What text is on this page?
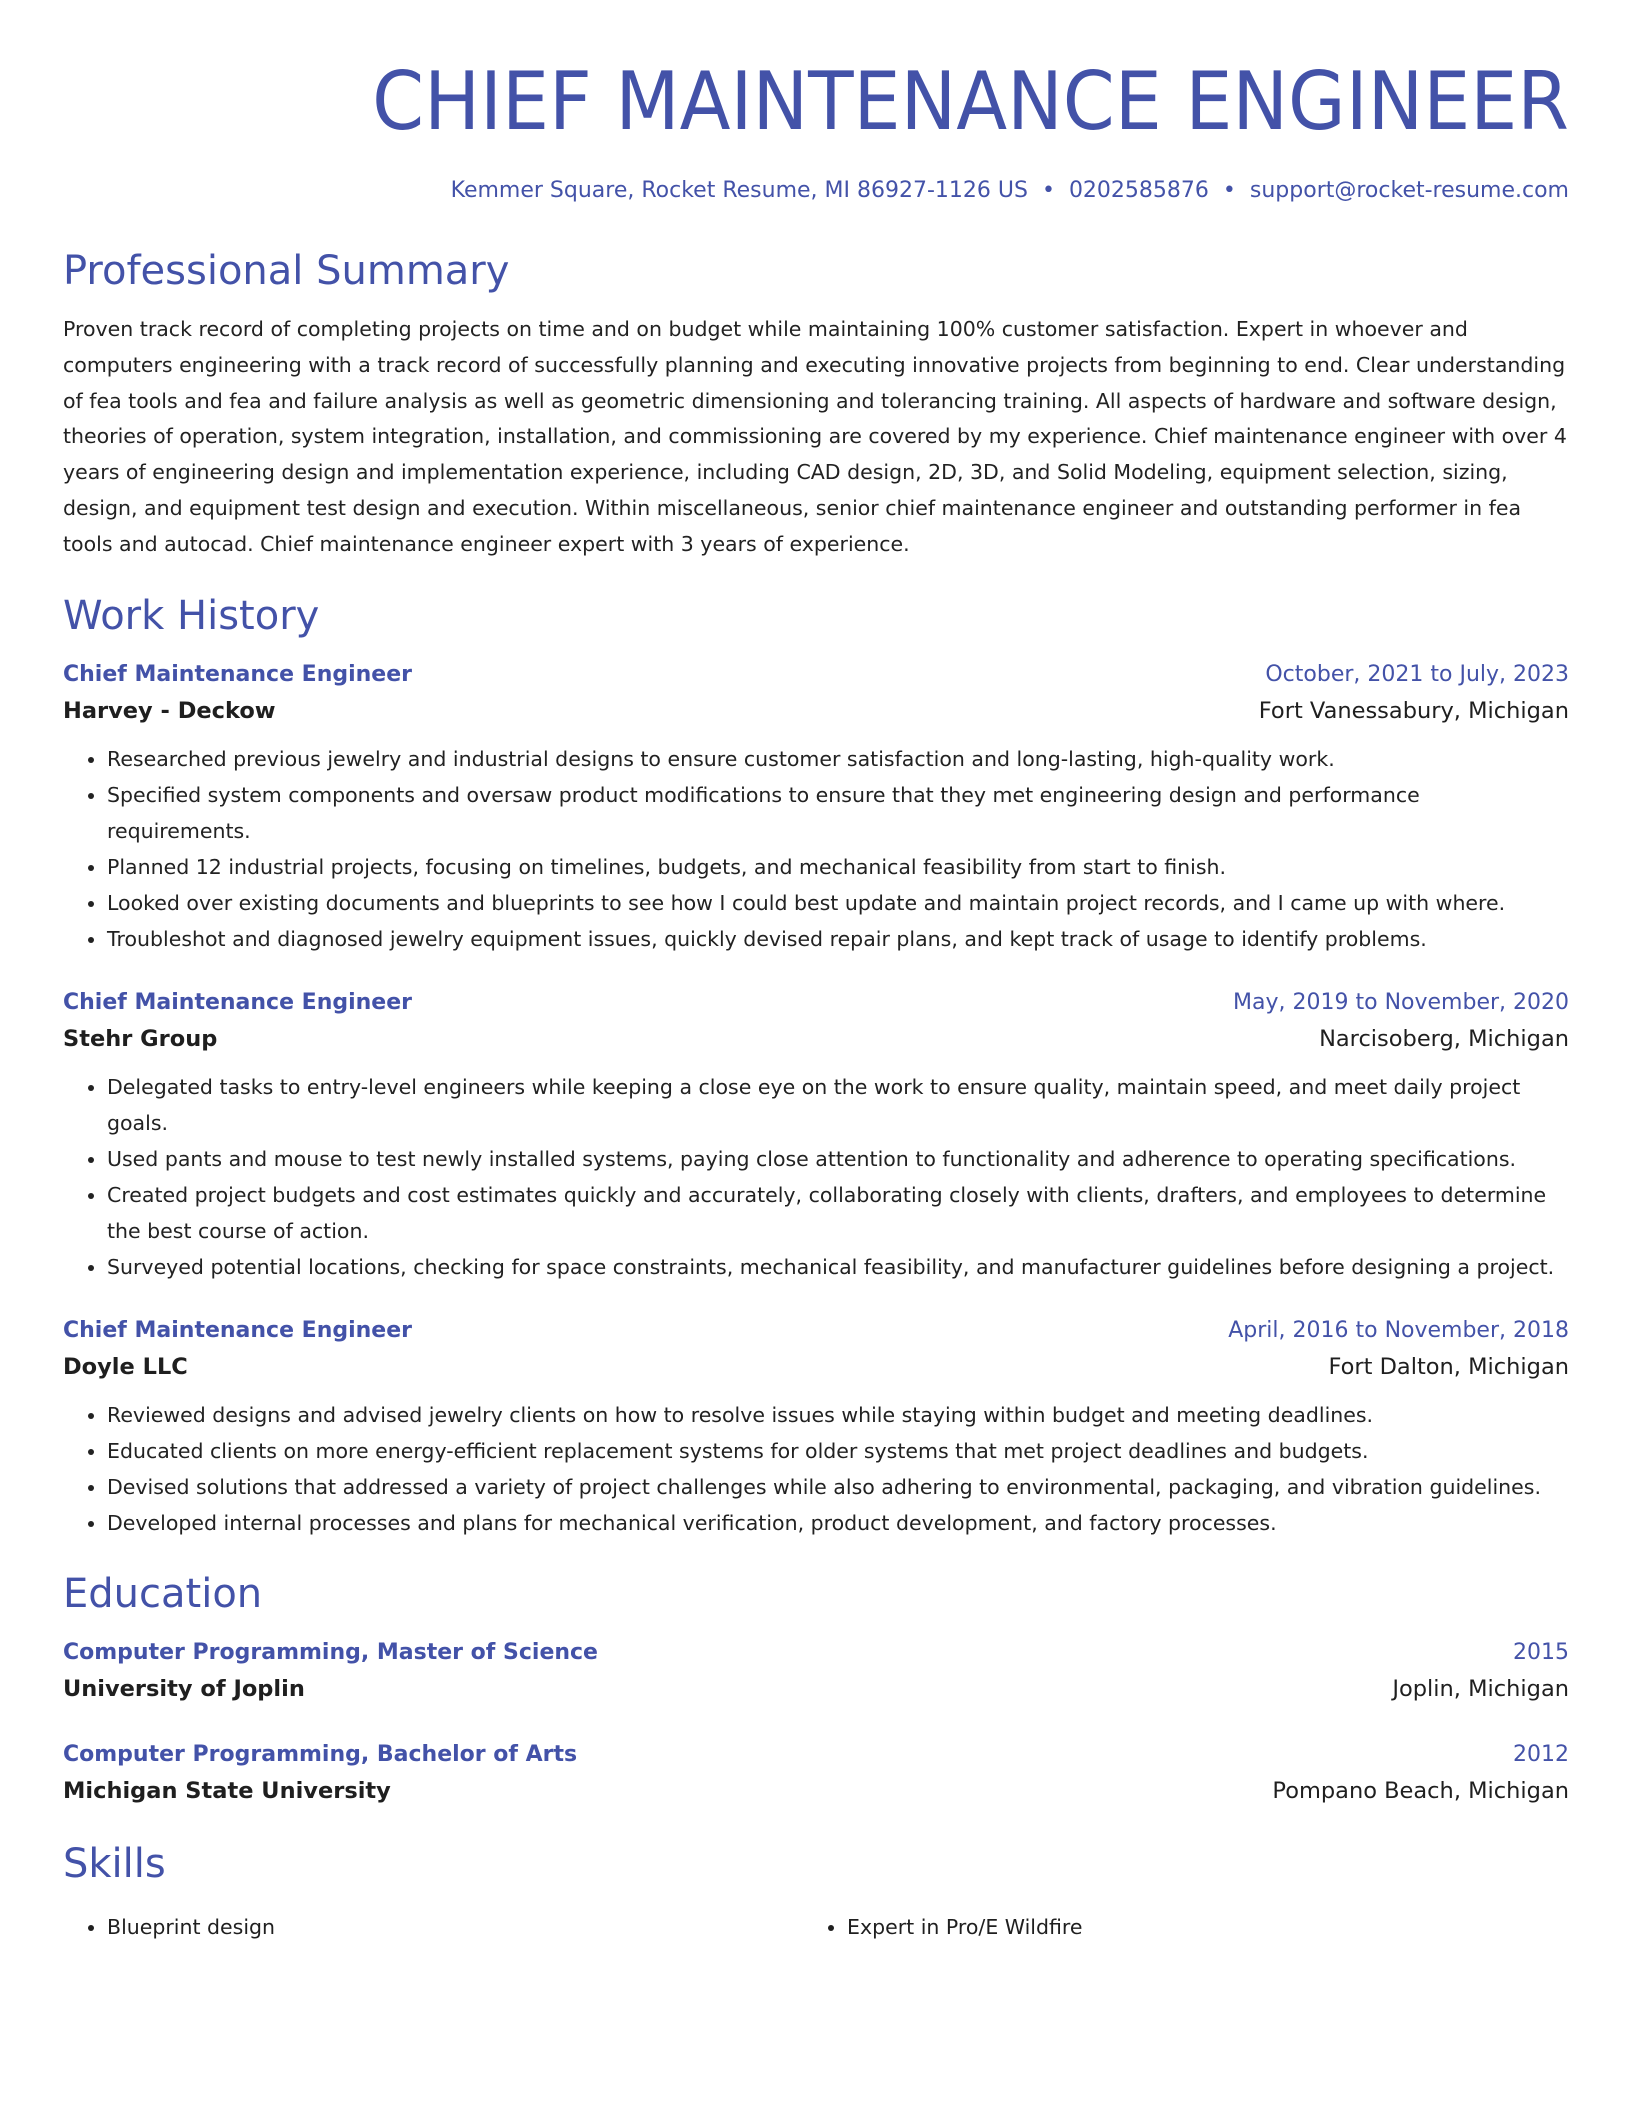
CHIEF MAINTENANCE ENGINEER
Kemmer Square, Rocket Resume, MI 86927-1126 US • 0202585876 • support@rocket-resume.com
Professional Summary

Proven track record of completing projects on time and on budget while maintaining 100% customer satisfaction. Expert in whoever and computers engineering with a track record of successfully planning and executing innovative projects from beginning to end. Clear understanding of fea tools and fea and failure analysis as well as geometric dimensioning and tolerancing training. All aspects of hardware and software design, theories of operation, system integration, installation, and commissioning are covered by my experience. Chief maintenance engineer with over 4 years of engineering design and implementation experience, including CAD design, 2D, 3D, and Solid Modeling, equipment selection, sizing, design, and equipment test design and execution. Within miscellaneous, senior chief maintenance engineer and outstanding performer in fea tools and autocad. Chief maintenance engineer expert with 3 years of experience.

Work History
Chief Maintenance Engineer	October, 2021 to July, 2023
Harvey - Deckow	Fort Vanessabury, Michigan
• Researched previous jewelry and industrial designs to ensure customer satisfaction and long-lasting, high-quality work.
• Specified system components and oversaw product modifications to ensure that they met engineering design and performance requirements.
• Planned 12 industrial projects, focusing on timelines, budgets, and mechanical feasibility from start to finish.
• Looked over existing documents and blueprints to see how I could best update and maintain project records, and I came up with where.
• Troubleshot and diagnosed jewelry equipment issues, quickly devised repair plans, and kept track of usage to identify problems.
Chief Maintenance Engineer	May, 2019 to November, 2020
Stehr Group	Narcisoberg, Michigan
• Delegated tasks to entry-level engineers while keeping a close eye on the work to ensure quality, maintain speed, and meet daily project goals.
• Used pants and mouse to test newly installed systems, paying close attention to functionality and adherence to operating specifications.
• Created project budgets and cost estimates quickly and accurately, collaborating closely with clients, drafters, and employees to determine the best course of action.
• Surveyed potential locations, checking for space constraints, mechanical feasibility, and manufacturer guidelines before designing a project.
Chief Maintenance Engineer	April, 2016 to November, 2018
Doyle LLC	Fort Dalton, Michigan
• Reviewed designs and advised jewelry clients on how to resolve issues while staying within budget and meeting deadlines.
• Educated clients on more energy-efficient replacement systems for older systems that met project deadlines and budgets.
• Devised solutions that addressed a variety of project challenges while also adhering to environmental, packaging, and vibration guidelines.
• Developed internal processes and plans for mechanical verification, product development, and factory processes.
Education
Computer Programming, Master of Science	2015
University of Joplin	Joplin, Michigan
Computer Programming, Bachelor of Arts	2012
Michigan State University	Pompano Beach, Michigan
Skills
• Blueprint design
•	Expert in Pro/E Wildfire
